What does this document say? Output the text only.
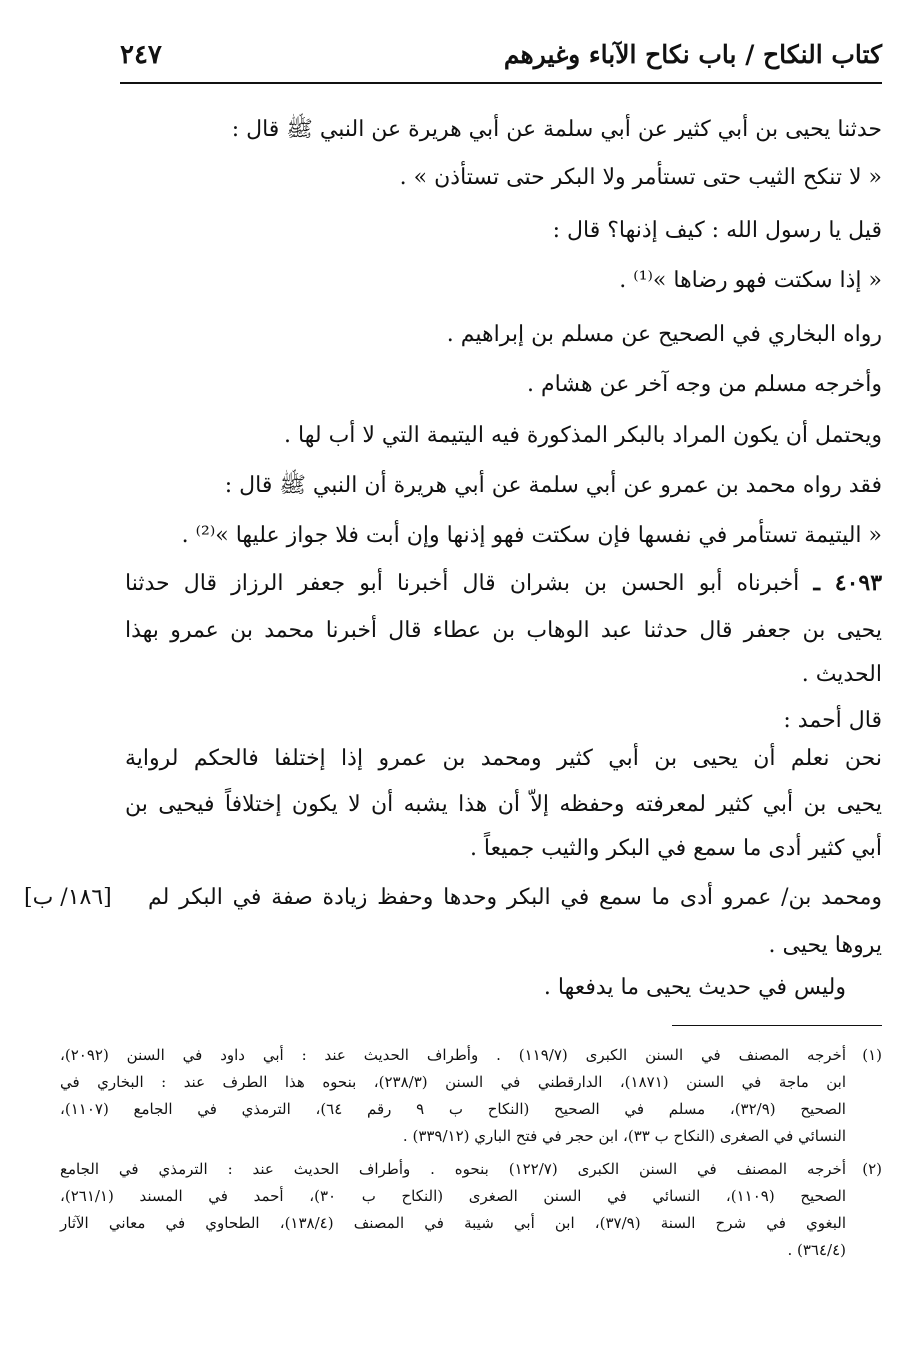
كتاب النكاح / باب نكاح الآباء وغيرهم
٢٤٧
حدثنا يحيى بن أبي كثير عن أبي سلمة عن أبي هريرة عن النبي ﷺ قال :
« لا تنكح الثيب حتى تستأمر ولا البكر حتى تستأذن » .
قيل يا رسول الله : كيف إذنها؟ قال :
« إذا سكتت فهو رضاها »⁽¹⁾ .
رواه البخاري في الصحيح عن مسلم بن إبراهيم .
وأخرجه مسلم من وجه آخر عن هشام .
ويحتمل أن يكون المراد بالبكر المذكورة فيه اليتيمة التي لا أب لها .
فقد رواه محمد بن عمرو عن أبي سلمة عن أبي هريرة أن النبي ﷺ قال :
« اليتيمة تستأمر في نفسها فإن سكتت فهو إذنها وإن أبت فلا جواز عليها »⁽²⁾ .
٤٠٩٣ ـ أخبرناه أبو الحسن بن بشران قال أخبرنا أبو جعفر الرزاز قال حدثنا
يحيى بن جعفر قال حدثنا عبد الوهاب بن عطاء قال أخبرنا محمد بن عمرو بهذا
الحديث .
قال أحمد :
نحن نعلم أن يحيى بن أبي كثير ومحمد بن عمرو إذا إختلفا فالحكم لرواية
يحيى بن أبي كثير لمعرفته وحفظه إلاّ أن هذا يشبه أن لا يكون إختلافاً فيحيى بن
أبي كثير أدى ما سمع في البكر والثيب جميعاً .
ومحمد بن/ عمرو أدى ما سمع في البكر وحدها وحفظ زيادة صفة في البكر لم
[١٨٦/ ب]
يروها يحيى .
وليس في حديث يحيى ما يدفعها .
(١)
أخرجه المصنف في السنن الكبرى (١١٩/٧) . وأطراف الحديث عند : أبي داود في السنن (٢٠٩٢)،
ابن ماجة في السنن (١٨٧١)، الدارقطني في السنن (٢٣٨/٣)، بنحوه هذا الطرف عند : البخاري في
الصحيح (٣٢/٩)، مسلم في الصحيح (النكاح ب ٩ رقم ٦٤)، الترمذي في الجامع (١١٠٧)،
النسائي في الصغرى (النكاح ب ٣٣)، ابن حجر في فتح الباري (٣٣٩/١٢) .
(٢)
أخرجه المصنف في السنن الكبرى (١٢٢/٧) بنحوه . وأطراف الحديث عند : الترمذي في الجامع
الصحيح (١١٠٩)، النسائي في السنن الصغرى (النكاح ب ٣٠)، أحمد في المسند (٢٦١/١)،
البغوي في شرح السنة (٣٧/٩)، ابن أبي شيبة في المصنف (١٣٨/٤)، الطحاوي في معاني الآثار
(٣٦٤/٤) .
